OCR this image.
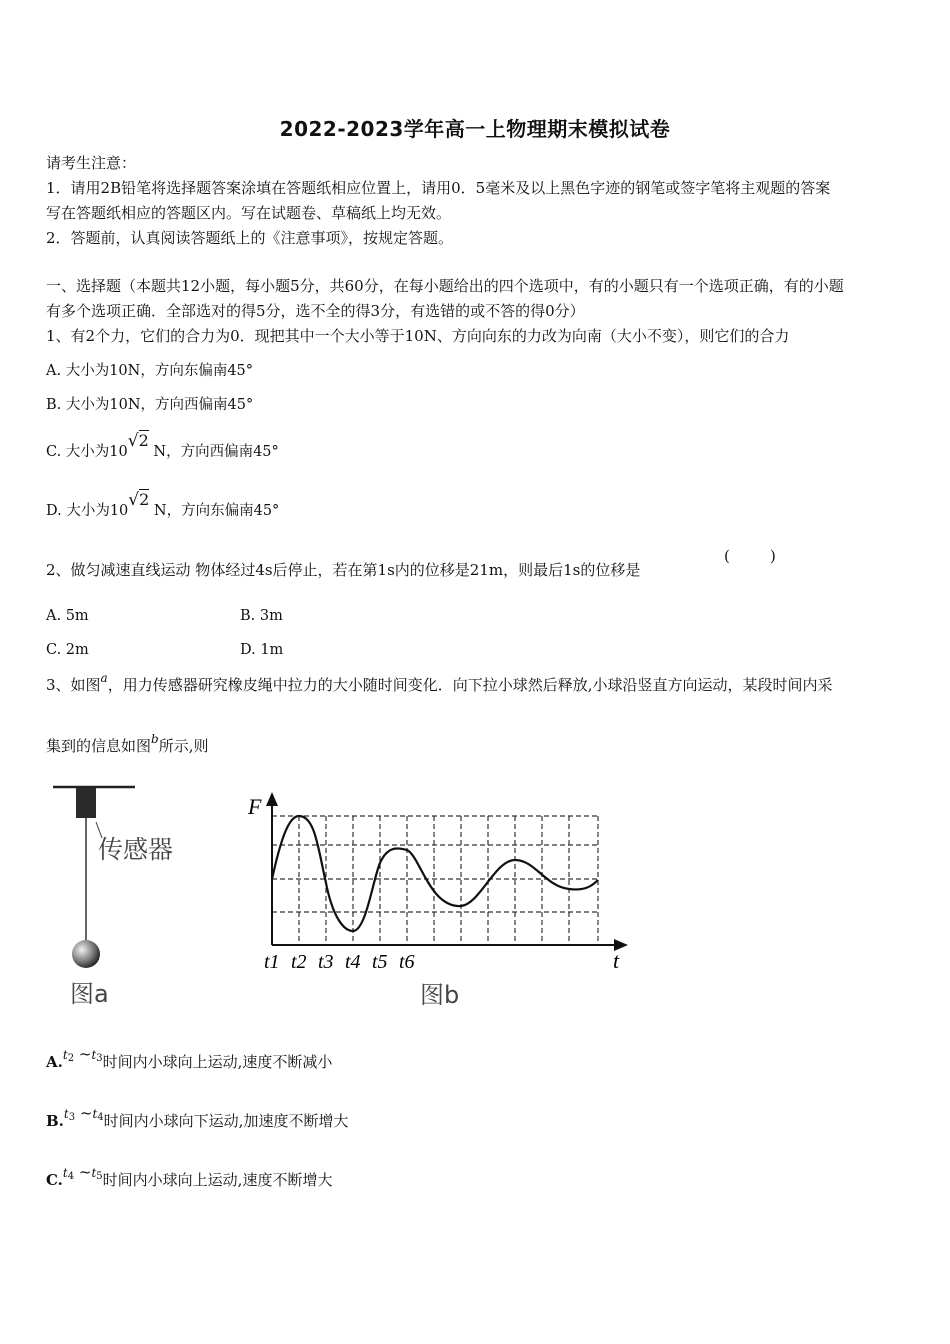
2022-2023学年高一上物理期末模拟试卷
请考生注意：
1．请用2B铅笔将选择题答案涂填在答题纸相应位置上，请用0．5毫米及以上黑色字迹的钢笔或签字笔将主观题的答案
写在答题纸相应的答题区内。写在试题卷、草稿纸上均无效。
2．答题前，认真阅读答题纸上的《注意事项》，按规定答题。
一、选择题（本题共12小题，每小题5分，共60分，在每小题给出的四个选项中，有的小题只有一个选项正确，有的小题
有多个选项正确．全部选对的得5分，选不全的得3分，有选错的或不答的得0分）
1、有2个力，它们的合力为0．现把其中一个大小等于10N、方向向东的力改为向南（大小不变），则它们的合力
A. 大小为10N，方向东偏南45°
B. 大小为10N，方向西偏南45°
C. 大小为10√2 N，方向西偏南45°
D. 大小为10√2 N，方向东偏南45°
2、做匀减速直线运动 物体经过4s后停止，若在第1s内的位移是21m，则最后1s的位移是
(	)
A. 5m	B. 3m
C. 2m	D. 1m
3、如图$^a$，用力传感器研究橡皮绳中拉力的大小随时间变化．向下拉小球然后释放,小球沿竖直方向运动，某段时间内采
集到的信息如图$^b$所示,则
传感器
图a
F
t
t1 t2 t3 t4 t5 t6
图b
A.$^{t2}$ ~$^{t3}$时间内小球向上运动,速度不断减小
B.$^{t3}$ ~$^{t4}$时间内小球向下运动,加速度不断增大
C.$^{t4}$ ~$^{t5}$时间内小球向上运动,速度不断增大
